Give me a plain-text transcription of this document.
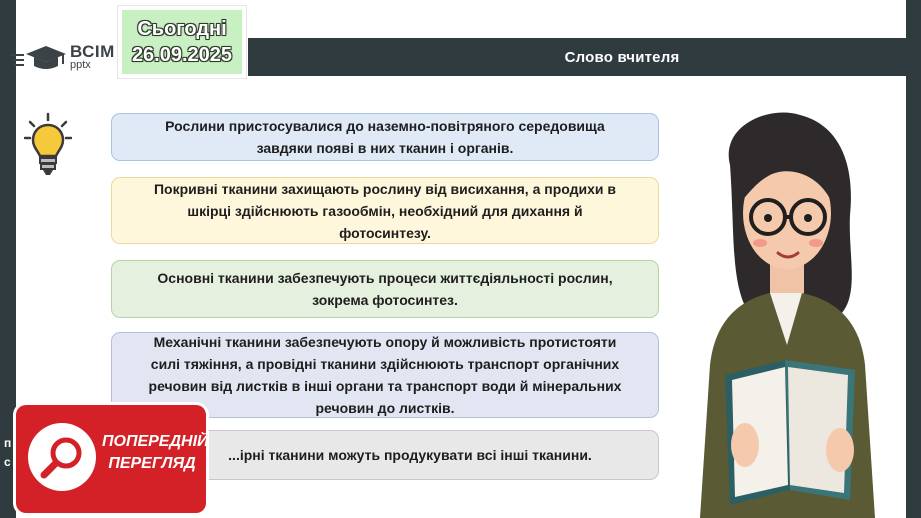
ВСІМ
pptx
Сьогодні
26.09.2025	Слово вчителя
Рослини пристосувалися до наземно-повітряного середовища завдяки появі в них тканин і органів.
Покривні тканини захищають рослину від висихання, а продихи в шкірці здійснюють газообмін, необхідний для дихання й фотосинтезу.
Основні тканини забезпечують процеси життєдіяльності рослин, зокрема фотосинтез.
Механічні тканини забезпечують опору й можливість протистояти силі тяжіння, а провідні тканини здійснюють транспорт органічних речовин від листків в інші органи та транспорт води й мінеральних речовин до листків.
...ірні тканини можуть продукувати всі інші тканини.
п
с
ПОПЕРЕДНІЙ
ПЕРЕГЛЯД
